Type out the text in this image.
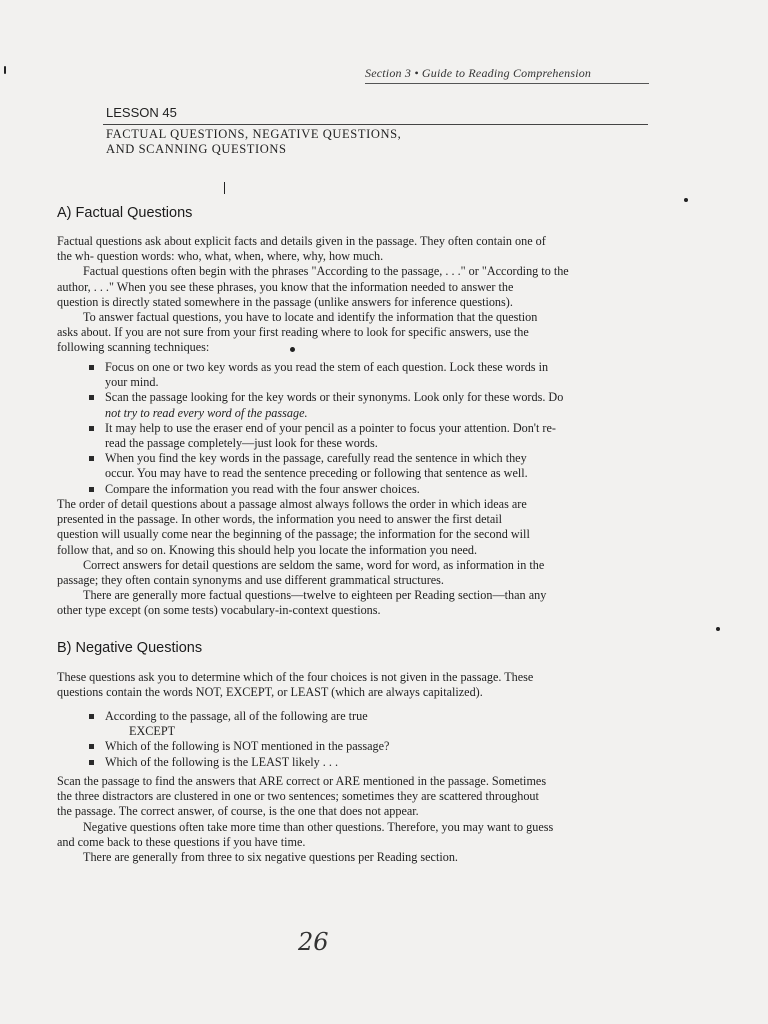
Section 3 • Guide to Reading Comprehension
LESSON 45
FACTUAL QUESTIONS, NEGATIVE QUESTIONS,
AND SCANNING QUESTIONS
A) Factual Questions
Factual questions ask about explicit facts and details given in the passage. They often contain one of
the wh- question words: who, what, when, where, why, how much.
Factual questions often begin with the phrases "According to the passage, . . ." or "According to the
author, . . ." When you see these phrases, you know that the information needed to answer the
question is directly stated somewhere in the passage (unlike answers for inference questions).
To answer factual questions, you have to locate and identify the information that the question
asks about. If you are not sure from your first reading where to look for specific answers, use the
following scanning techniques:
Focus on one or two key words as you read the stem of each question. Lock these words in
your mind.
Scan the passage looking for the key words or their synonyms. Look only for these words. Do
not try to read every word of the passage.
It may help to use the eraser end of your pencil as a pointer to focus your attention. Don't re-
read the passage completely—just look for these words.
When you find the key words in the passage, carefully read the sentence in which they
occur. You may have to read the sentence preceding or following that sentence as well.
Compare the information you read with the four answer choices.
The order of detail questions about a passage almost always follows the order in which ideas are
presented in the passage. In other words, the information you need to answer the first detail
question will usually come near the beginning of the passage; the information for the second will
follow that, and so on. Knowing this should help you locate the information you need.
Correct answers for detail questions are seldom the same, word for word, as information in the
passage; they often contain synonyms and use different grammatical structures.
There are generally more factual questions—twelve to eighteen per Reading section—than any
other type except (on some tests) vocabulary-in-context questions.
B) Negative Questions
These questions ask you to determine which of the four choices is not given in the passage. These
questions contain the words NOT, EXCEPT, or LEAST (which are always capitalized).
According to the passage, all of the following are true
EXCEPT
Which of the following is NOT mentioned in the passage?
Which of the following is the LEAST likely . . .
Scan the passage to find the answers that ARE correct or ARE mentioned in the passage. Sometimes
the three distractors are clustered in one or two sentences; sometimes they are scattered throughout
the passage. The correct answer, of course, is the one that does not appear.
Negative questions often take more time than other questions. Therefore, you may want to guess
and come back to these questions if you have time.
There are generally from three to six negative questions per Reading section.
26
